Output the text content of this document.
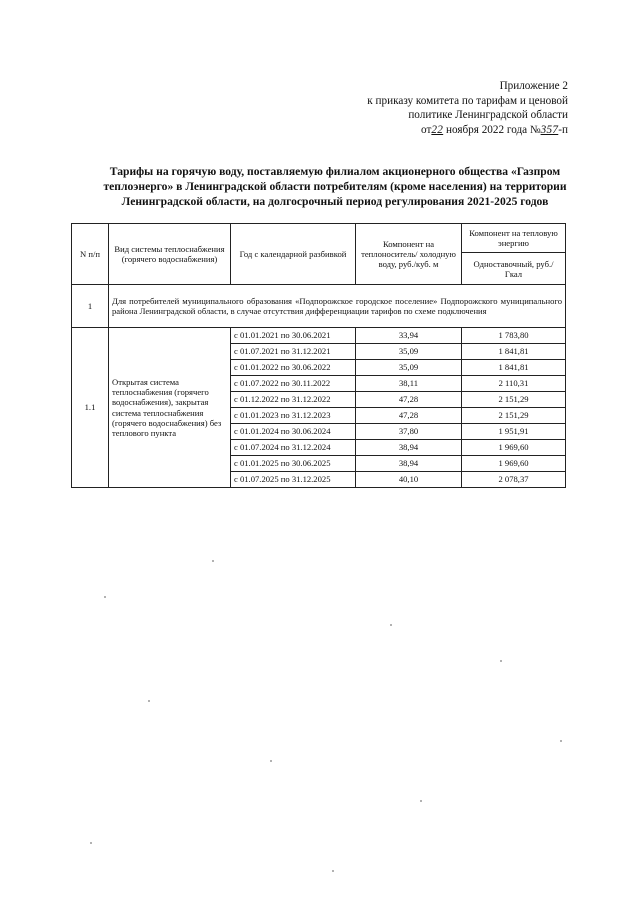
Приложение 2
к приказу комитета по тарифам и ценовой
политике Ленинградской области
от22 ноября 2022 года №357-п
Тарифы на горячую воду, поставляемую филиалом акционерного общества «Газпром теплоэнерго» в Ленинградской области потребителям (кроме населения) на территории Ленинградской области, на долгосрочный период регулирования 2021-2025 годов
N п/п	Вид системы теплоснабжения (горячего водоснабжения)	Год с календарной разбивкой	Компонент на теплоноситель/ холодную воду, руб./куб. м	Компонент на тепловую энергию
				Одноставочный, руб./Гкал
1	Для потребителей муниципального образования «Подпорожское городское поселение» Подпорожского муниципального района Ленинградской области, в случае отсутствия дифференциации тарифов по схеме подключения			
1.1	Открытая система теплоснабжения (горячего водоснабжения), закрытая система теплоснабжения (горячего водоснабжения) без теплового пункта	с 01.01.2021 по 30.06.2021	33,94	1 783,80
		с 01.07.2021 по 31.12.2021	35,09	1 841,81
		с 01.01.2022 по 30.06.2022	35,09	1 841,81
		с 01.07.2022 по 30.11.2022	38,11	2 110,31
		с 01.12.2022 по 31.12.2022	47,28	2 151,29
		с 01.01.2023 по 31.12.2023	47,28	2 151,29
		с 01.01.2024 по 30.06.2024	37,80	1 951,91
		с 01.07.2024 по 31.12.2024	38,94	1 969,60
		с 01.01.2025 по 30.06.2025	38,94	1 969,60
		с 01.07.2025 по 31.12.2025	40,10	2 078,37
